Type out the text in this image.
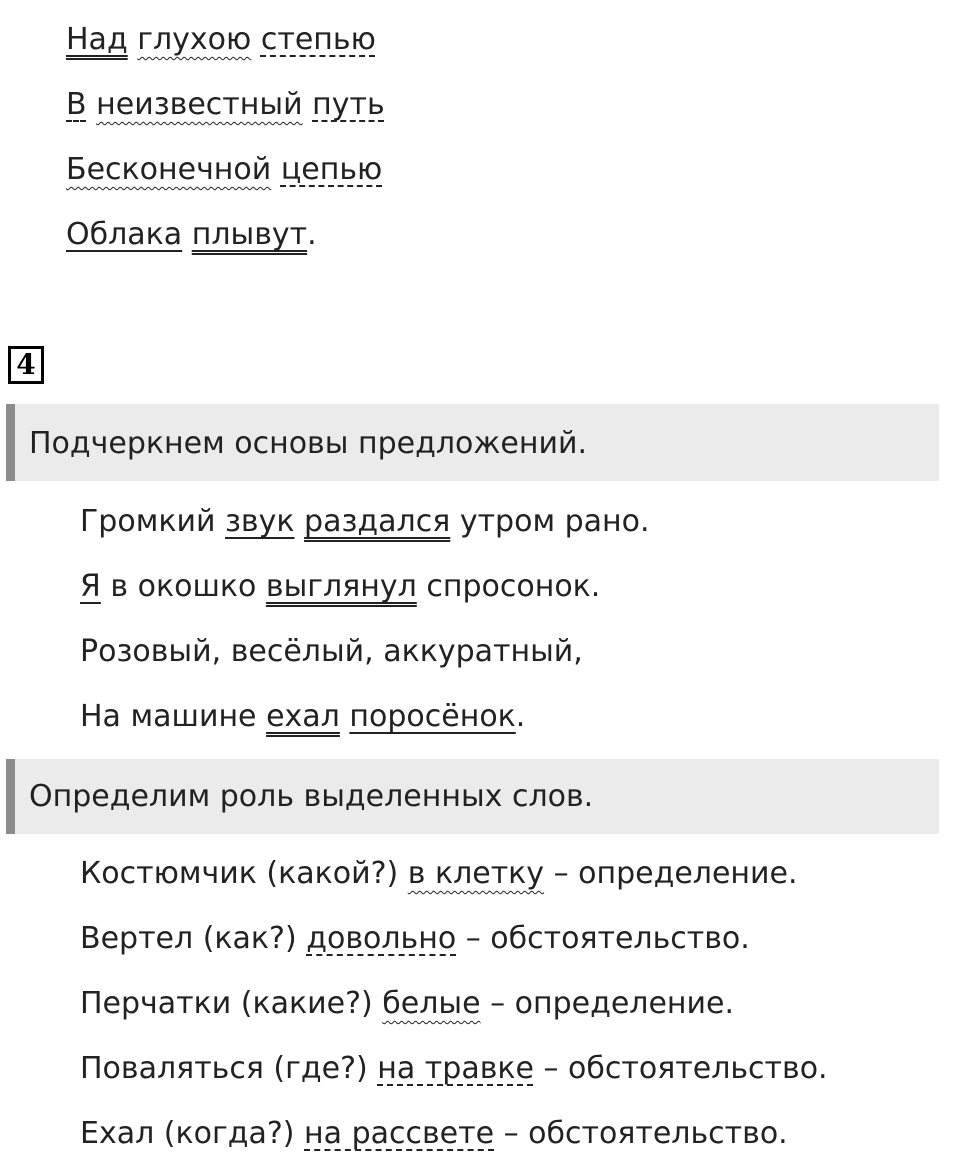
Над глухою степью
В неизвестный путь
Бесконечной цепью
Облака плывут.
4
Подчеркнем основы предложений.
Громкий звук раздался утром рано.
Я в окошко выглянул спросонок.
Розовый, весёлый, аккуратный,
На машине ехал поросёнок.
Определим роль выделенных слов.
Костюмчик (какой?) в клетку – определение.
Вертел (как?) довольно – обстоятельство.
Перчатки (какие?) белые – определение.
Поваляться (где?) на травке – обстоятельство.
Ехал (когда?) на рассвете – обстоятельство.
